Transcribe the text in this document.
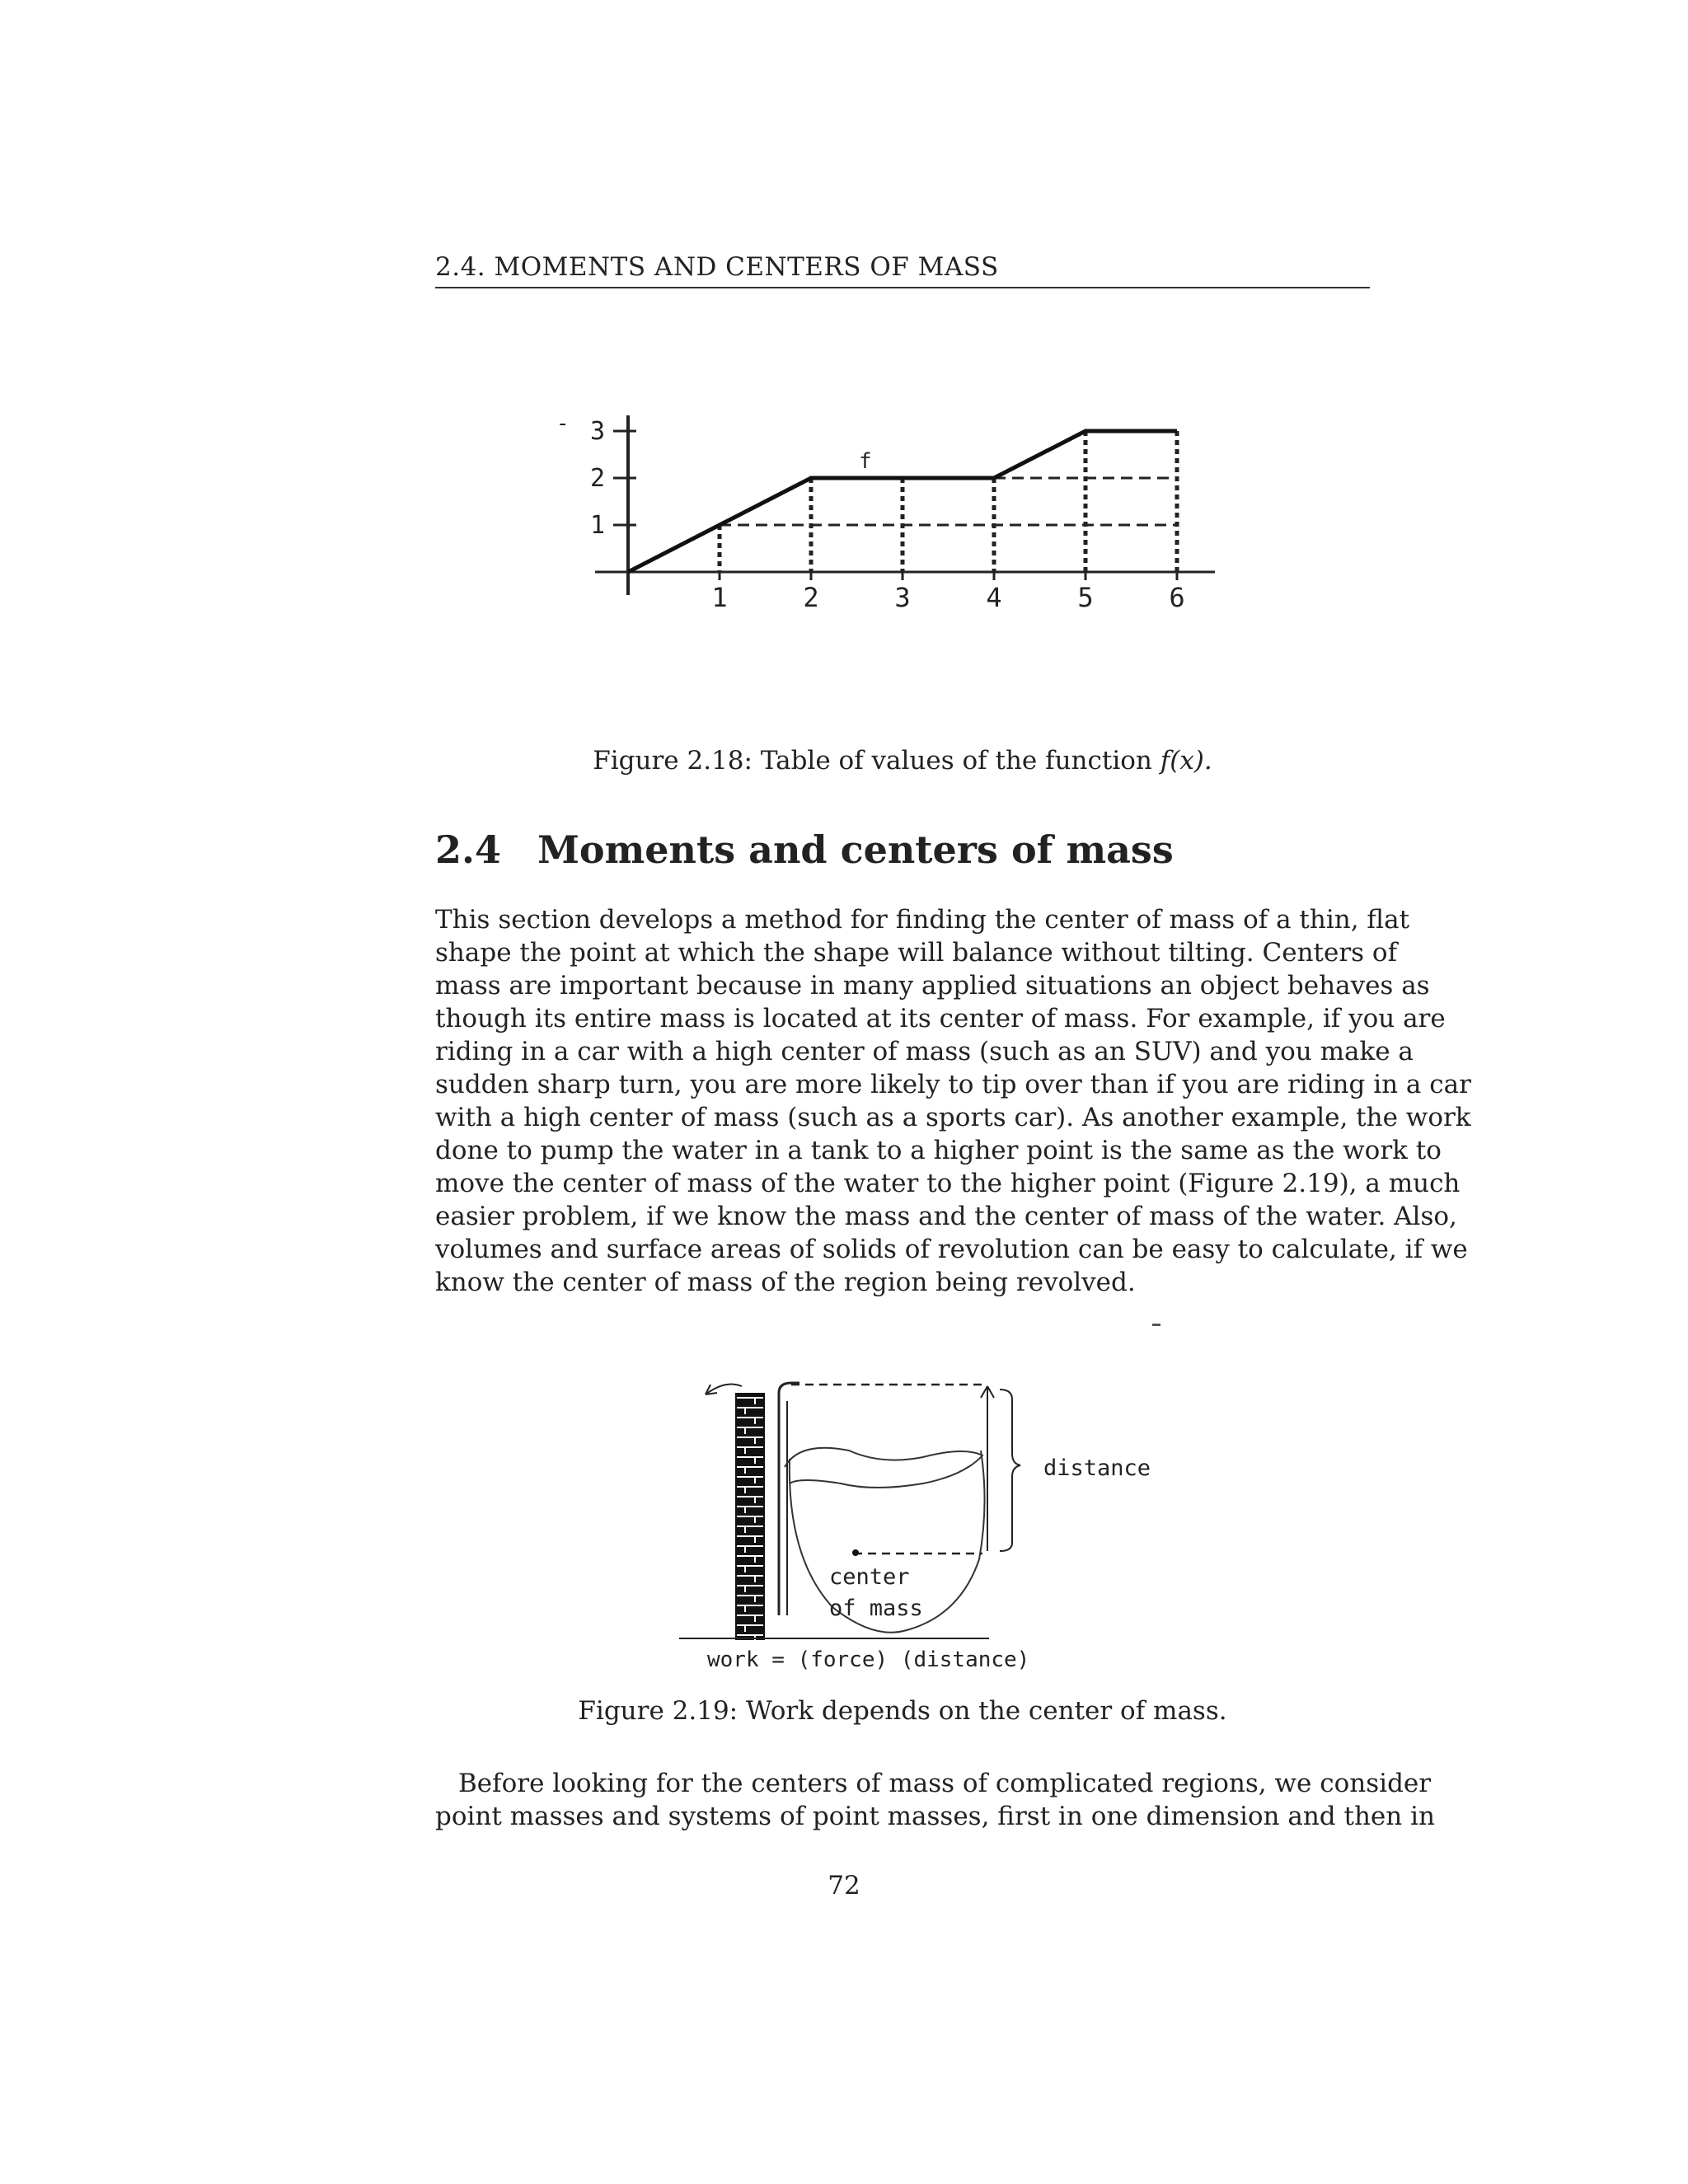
2.4. MOMENTS AND CENTERS OF MASS
1	2	3	4	5	6
1
2
3
f
-
Figure 2.18: Table of values of the function f(x).
2.4 Moments and centers of mass
This section develops a method for finding the center of mass of a thin, flat
shape the point at which the shape will balance without tilting. Centers of
mass are important because in many applied situations an object behaves as
though its entire mass is located at its center of mass. For example, if you are
riding in a car with a high center of mass (such as an SUV) and you make a
sudden sharp turn, you are more likely to tip over than if you are riding in a car
with a high center of mass (such as a sports car). As another example, the work
done to pump the water in a tank to a higher point is the same as the work to
move the center of mass of the water to the higher point (Figure 2.19), a much
easier problem, if we know the mass and the center of mass of the water. Also,
volumes and surface areas of solids of revolution can be easy to calculate, if we
know the center of mass of the region being revolved.
distance
center
of mass
work = (force) (distance)
Figure 2.19: Work depends on the center of mass.
Before looking for the centers of mass of complicated regions, we consider
point masses and systems of point masses, first in one dimension and then in
72
